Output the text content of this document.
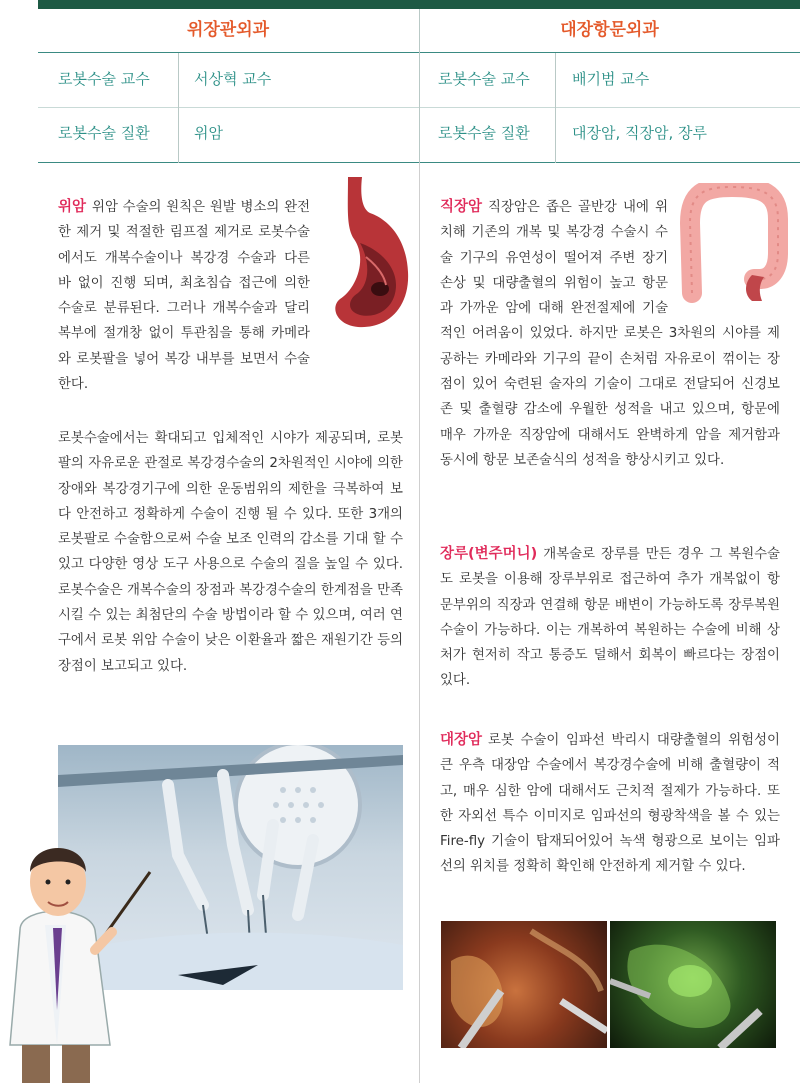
위장관외과	대장항문외과
로봇수술 교수	서상혁 교수
로봇수술 질환	위암
로봇수술 교수	배기범 교수
로봇수술 질환	대장암, 직장암, 장루
위암 위암 수술의 원칙은 원발 병소의 완전한 제거 및 적절한 림프절 제거로 로봇수술에서도 개복수술이나 복강경 수술과 다른 바 없이 진행 되며, 최초침습 접근에 의한 수술로 분류된다. 그러나 개복수술과 달리 복부에 절개창 없이 투관침을 통해 카메라와 로봇팔을 넣어 복강 내부를 보면서 수술한다.

로봇수술에서는 확대되고 입체적인 시야가 제공되며, 로봇팔의 자유로운 관절로 복강경수술의 2차원적인 시야에 의한 장애와 복강경기구에 의한 운동범위의 제한을 극복하여 보다 안전하고 정확하게 수술이 진행 될 수 있다. 또한 3개의 로봇팔로 수술함으로써 수술 보조 인력의 감소를 기대 할 수 있고 다양한 영상 도구 사용으로 수술의 질을 높일 수 있다. 로봇수술은 개복수술의 장점과 복강경수술의 한계점을 만족 시킬 수 있는 최첨단의 수술 방법이라 할 수 있으며, 여러 연구에서 로봇 위암 수술이 낮은 이환율과 짧은 재원기간 등의 장점이 보고되고 있다.

직장암 직장암은 좁은 골반강 내에 위치해 기존의 개복 및 복강경 수술시 수술 기구의 유연성이 떨어져 주변 장기손상 및 대량출혈의 위험이 높고 항문과 가까운 암에 대해 완전절제에 기술적인 어려움이 있었다. 하지만 로봇은 3차원의 시야를 제공하는 카메라와 기구의 끝이 손처럼 자유로이 꺾이는 장점이 있어 숙련된 술자의 기술이 그대로 전달되어 신경보존 및 출혈량 감소에 우월한 성적을 내고 있으며, 항문에 매우 가까운 직장암에 대해서도 완벽하게 암을 제거함과 동시에 항문 보존술식의 성적을 향상시키고 있다.
장루(변주머니) 개복술로 장루를 만든 경우 그 복원수술도 로봇을 이용해 장루부위로 접근하여 추가 개복없이 항문부위의 직장과 연결해 항문 배변이 가능하도록 장루복원수술이 가능하다. 이는 개복하여 복원하는 수술에 비해 상처가 현저히 작고 통증도 덜해서 회복이 빠르다는 장점이 있다.
대장암 로봇 수술이 임파선 박리시 대량출혈의 위험성이 큰 우측 대장암 수술에서 복강경수술에 비해 출혈량이 적고, 매우 심한 암에 대해서도 근치적 절제가 가능하다. 또한 자외선 특수 이미지로 임파선의 형광착색을 볼 수 있는 Fire-fly 기술이 탑재되어있어 녹색 형광으로 보이는 임파선의 위치를 정확히 확인해 안전하게 제거할 수 있다.
